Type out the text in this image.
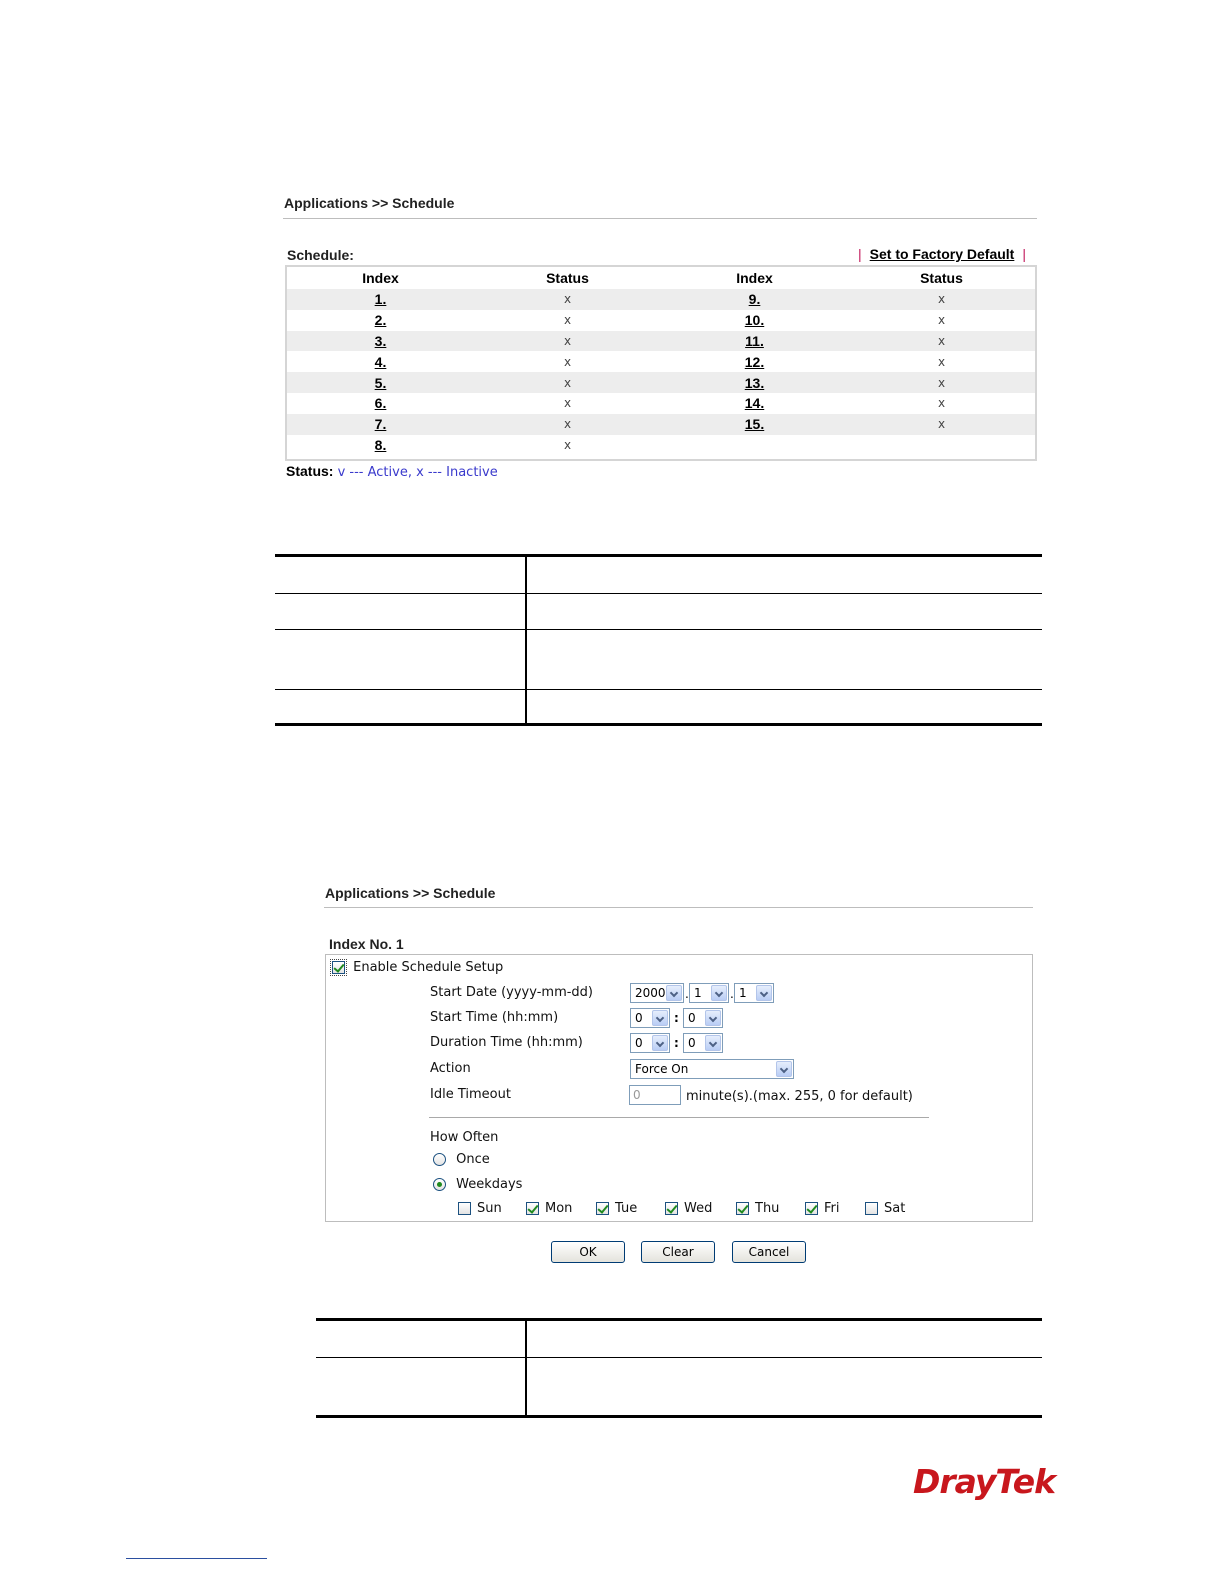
Applications >> Schedule
Schedule:	| Set to Factory Default |
Index	Status	Index	Status
1.	x	9.	x
2.	x	10.	x
3.	x	11.	x
4.	x	12.	x
5.	x	13.	x
6.	x	14.	x
7.	x	15.	x
8.	x		
Status: v --- Active, x --- Inactive
Applications >> Schedule
Index No. 1
Enable Schedule Setup
Start Date (yyyy-mm-dd)	2000	. 1	. 1
Start Time (hh:mm)	0	: 0
Duration Time (hh:mm)	0	: 0
Action	Force On
Idle Timeout	0	minute(s).(max. 255, 0 for default)
How Often
Once
Weekdays
Sun	Mon	Tue	Wed	Thu	Fri	Sat
OK	Clear	Cancel
DrayTek
